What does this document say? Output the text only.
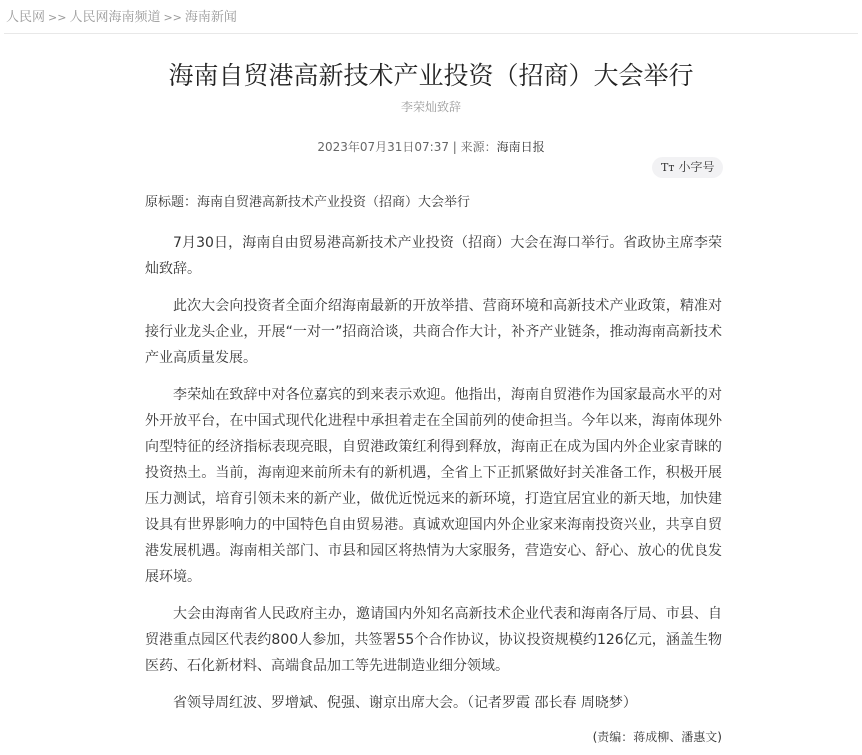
人民网 >> 人民网海南频道 >> 海南新闻
海南自贸港高新技术产业投资（招商）大会举行
李荣灿致辞
2023年07月31日07:37 | 来源：海南日报
Tт 小字号

原标题：海南自贸港高新技术产业投资（招商）大会举行

7月30日，海南自由贸易港高新技术产业投资（招商）大会在海口举行。省政协主席李荣灿致辞。

此次大会向投资者全面介绍海南最新的开放举措、营商环境和高新技术产业政策，精准对接行业龙头企业，开展“一对一”招商洽谈，共商合作大计，补齐产业链条，推动海南高新技术产业高质量发展。

李荣灿在致辞中对各位嘉宾的到来表示欢迎。他指出，海南自贸港作为国家最高水平的对外开放平台，在中国式现代化进程中承担着走在全国前列的使命担当。今年以来，海南体现外向型特征的经济指标表现亮眼，自贸港政策红利得到释放，海南正在成为国内外企业家青睐的投资热土。当前，海南迎来前所未有的新机遇，全省上下正抓紧做好封关准备工作，积极开展压力测试，培育引领未来的新产业，做优近悦远来的新环境，打造宜居宜业的新天地，加快建设具有世界影响力的中国特色自由贸易港。真诚欢迎国内外企业家来海南投资兴业，共享自贸港发展机遇。海南相关部门、市县和园区将热情为大家服务，营造安心、舒心、放心的优良发展环境。

大会由海南省人民政府主办，邀请国内外知名高新技术企业代表和海南各厅局、市县、自贸港重点园区代表约800人参加，共签署55个合作协议，协议投资规模约126亿元，涵盖生物医药、石化新材料、高端食品加工等先进制造业细分领域。

省领导周红波、罗增斌、倪强、谢京出席大会。（记者罗霞 邵长春 周晓梦）

(责编：蒋成柳、潘惠文)
